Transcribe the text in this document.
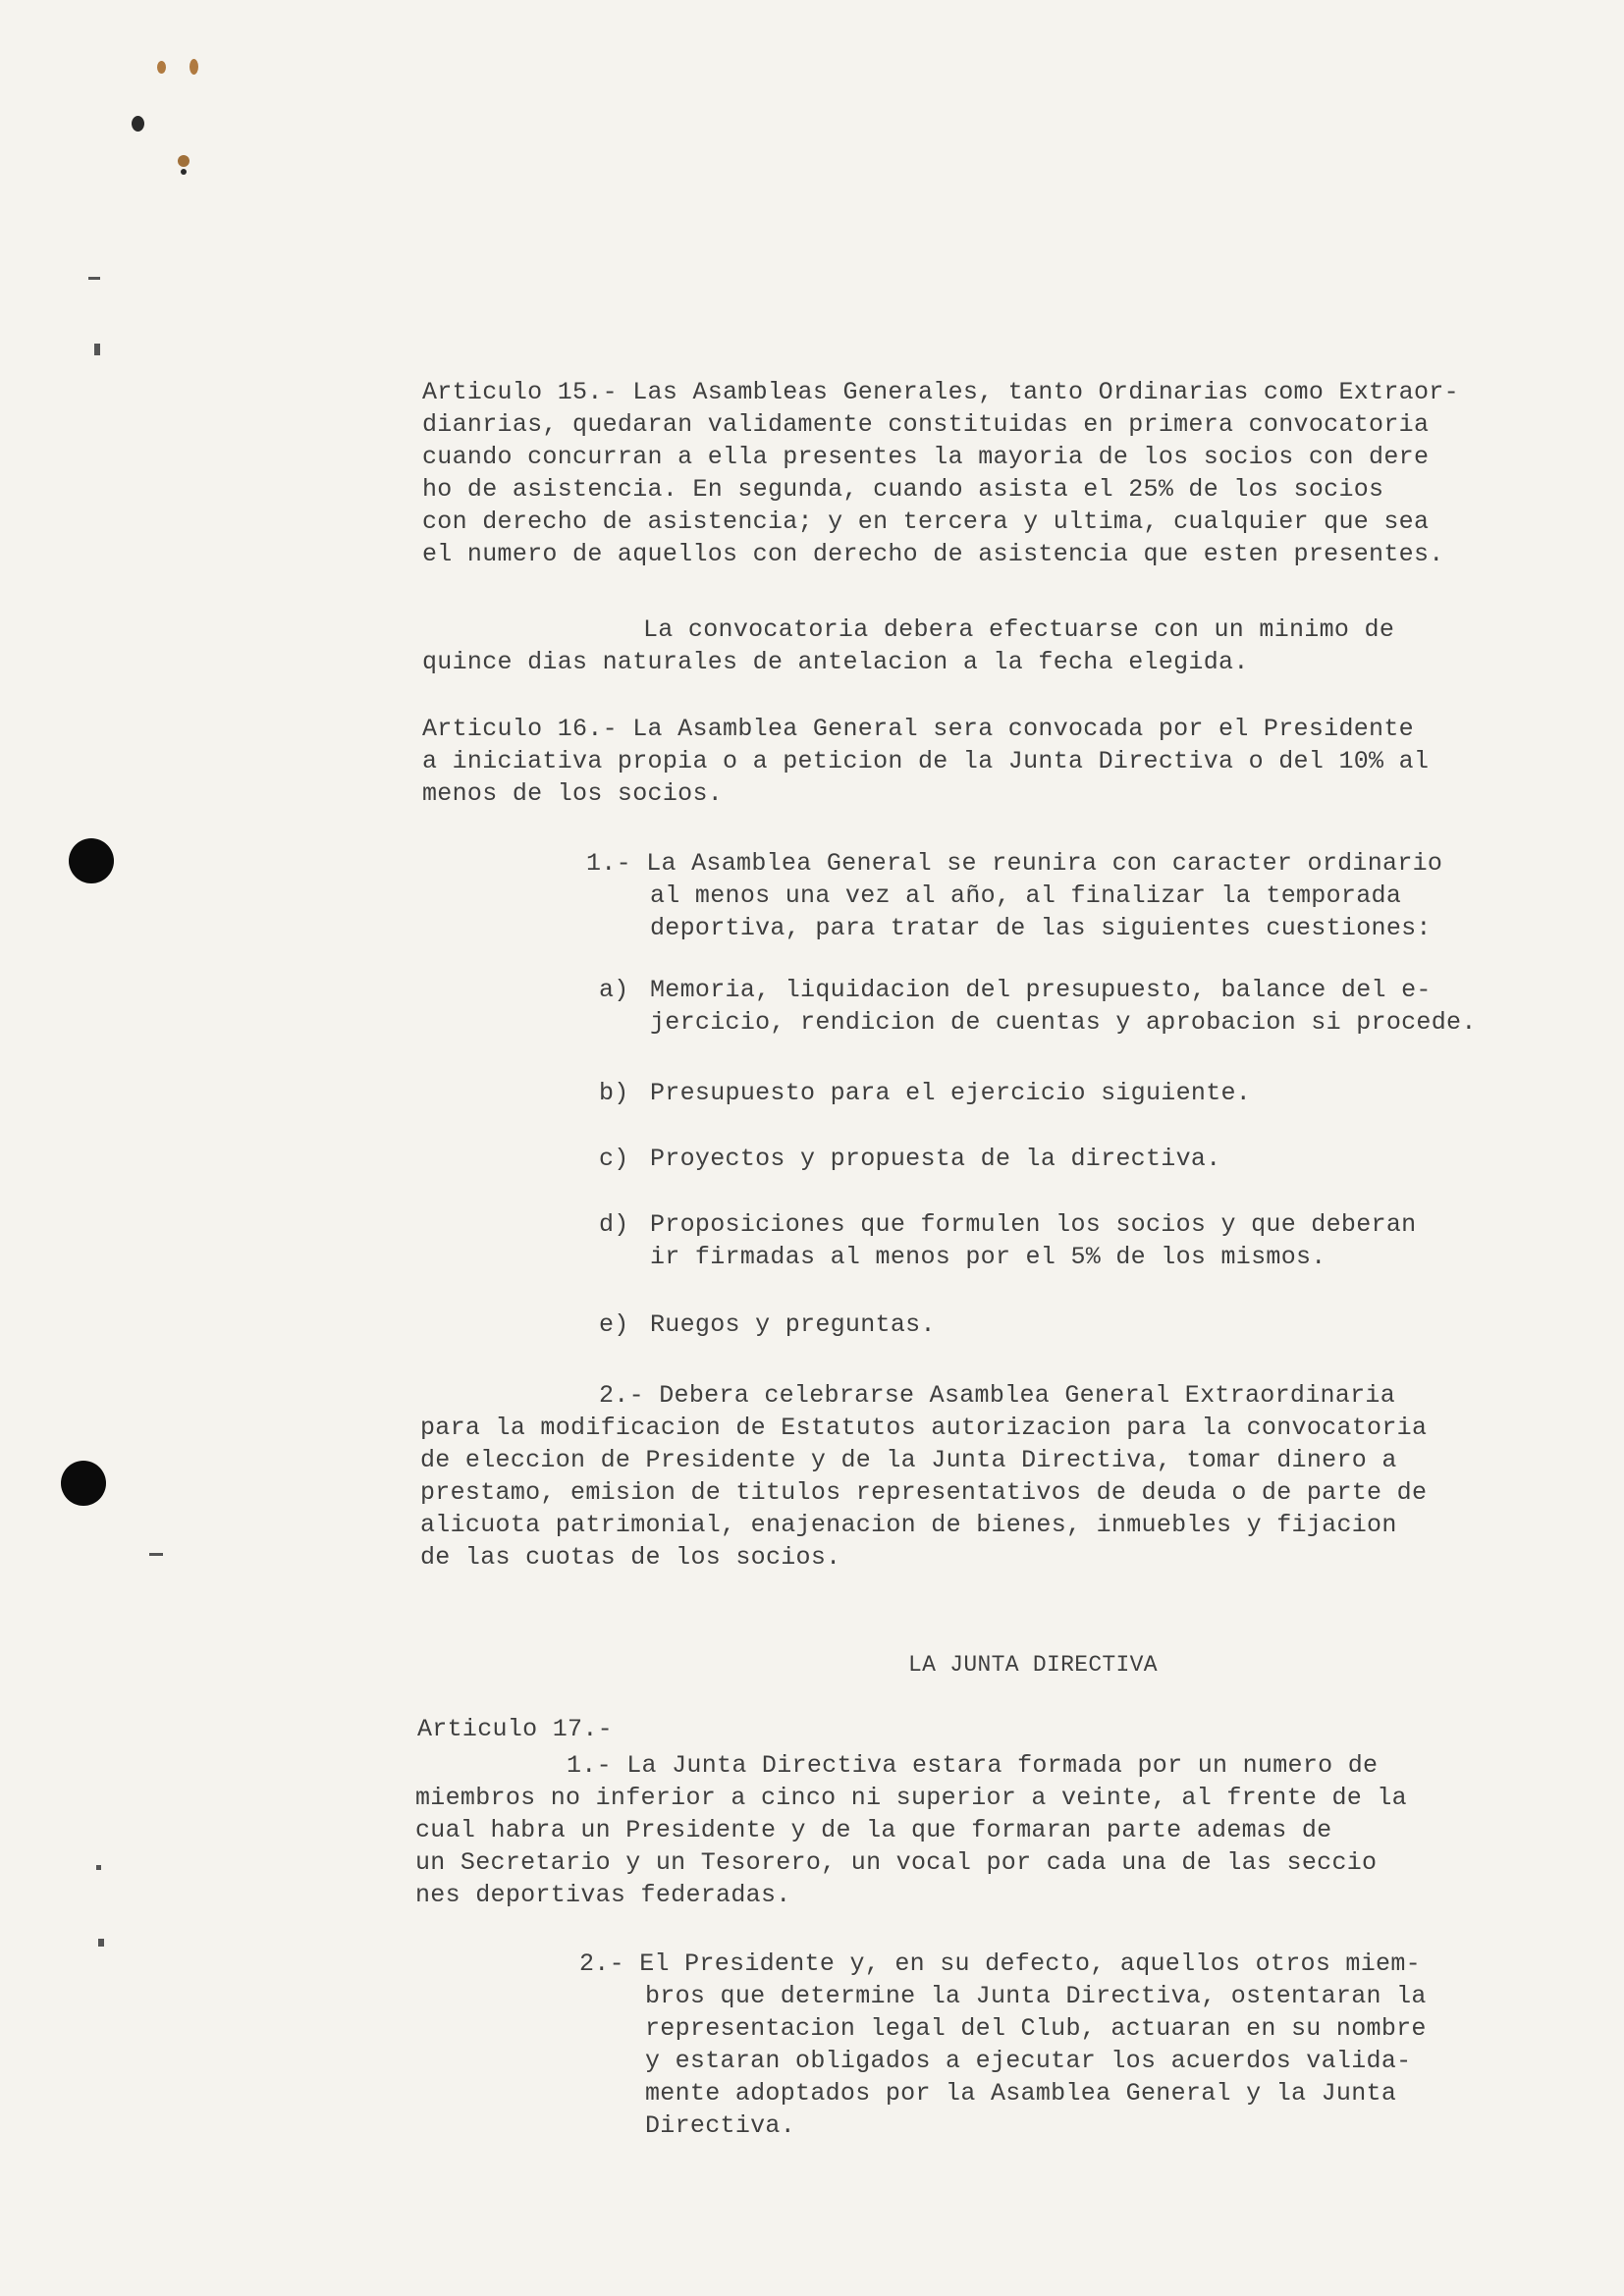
Articulo 15.- Las Asambleas Generales, tanto Ordinarias como Extraor-

dianrias, quedaran validamente constituidas en primera convocatoria

cuando concurran a ella presentes la mayoria de los socios con dere

ho de asistencia. En segunda, cuando asista el 25% de los socios

con derecho de asistencia; y en tercera y ultima, cualquier que sea

el numero de aquellos con derecho de asistencia que esten presentes.

La convocatoria debera efectuarse con un minimo de

quince dias naturales de antelacion a la fecha elegida.

Articulo 16.- La Asamblea General sera convocada por el Presidente

a iniciativa propia o a peticion de la Junta Directiva o del 10% al

menos de los socios.

1.- La Asamblea General se reunira con caracter ordinario

al menos una vez al año, al finalizar la temporada

deportiva, para tratar de las siguientes cuestiones:

a) Memoria, liquidacion del presupuesto, balance del e-

jercicio, rendicion de cuentas y aprobacion si procede.

b) Presupuesto para el ejercicio siguiente.

c) Proyectos y propuesta de la directiva.

d) Proposiciones que formulen los socios y que deberan

ir firmadas al menos por el 5% de los mismos.

e) Ruegos y preguntas.

2.- Debera celebrarse Asamblea General Extraordinaria

para la modificacion de Estatutos autorizacion para la convocatoria

de eleccion de Presidente y de la Junta Directiva, tomar dinero a

prestamo, emision de titulos representativos de deuda o de parte de

alicuota patrimonial, enajenacion de bienes, inmuebles y fijacion

de las cuotas de los socios.

LA JUNTA DIRECTIVA

Articulo 17.-

1.- La Junta Directiva estara formada por un numero de

miembros no inferior a cinco ni superior a veinte, al frente de la

cual habra un Presidente y de la que formaran parte ademas de

un Secretario y un Tesorero, un vocal por cada una de las seccio

nes deportivas federadas.

2.- El Presidente y, en su defecto, aquellos otros miem-

bros que determine la Junta Directiva, ostentaran la

representacion legal del Club, actuaran en su nombre

y estaran obligados a ejecutar los acuerdos valida-

mente adoptados por la Asamblea General y la Junta

Directiva.
